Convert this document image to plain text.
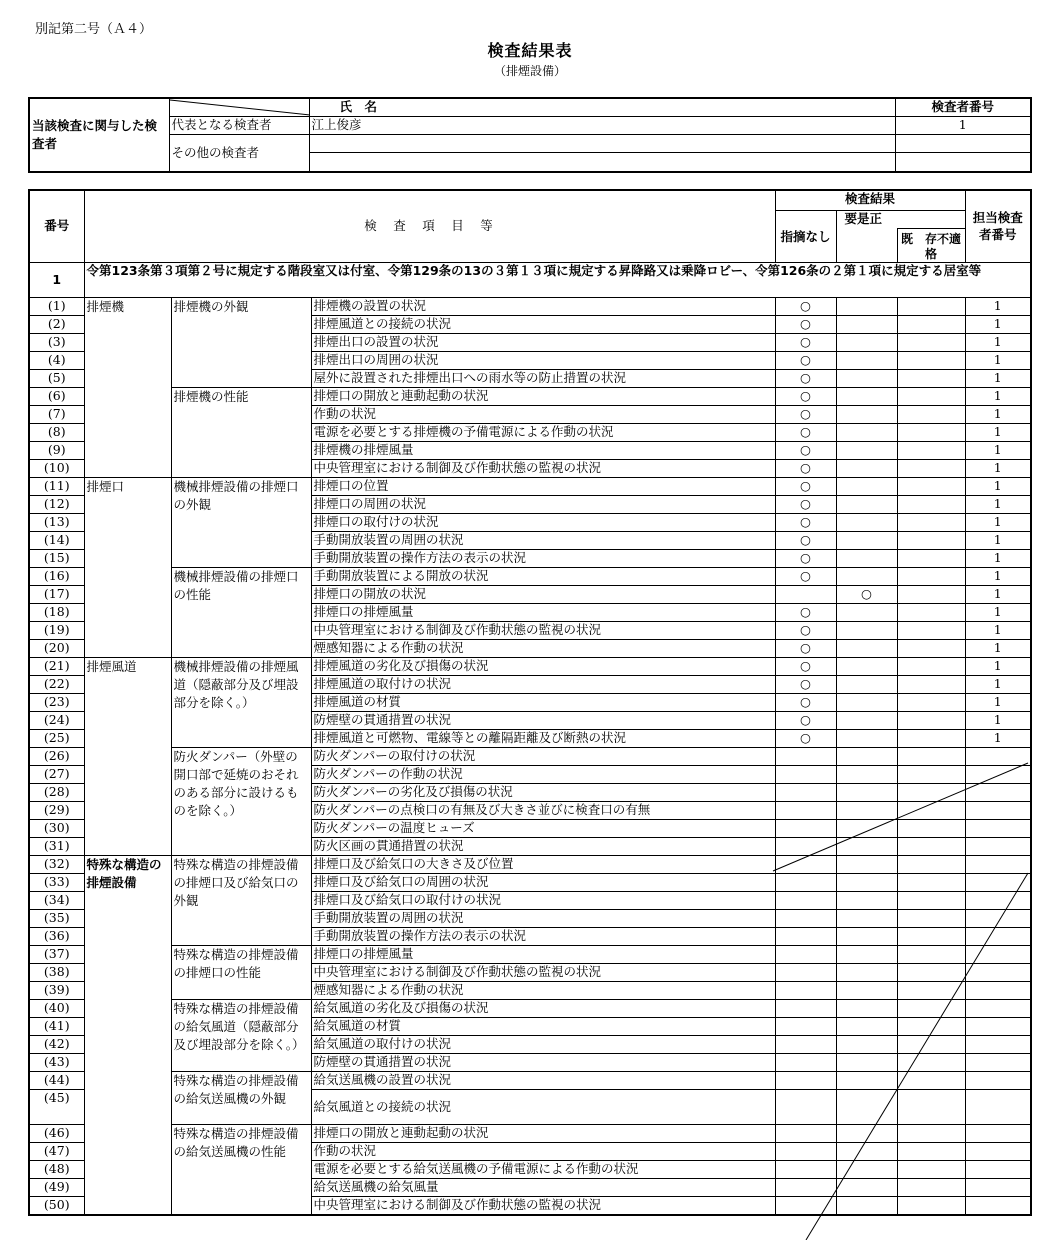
別記第二号（Ａ４）
検査結果表
（排煙設備）
当該検査に関与した検査者		氏　名	検査者番号
	代表となる検査者	江上俊彦	1
	その他の検査者	

番号	検　査　項　目　等			検査結果			担当検査者番号
				指摘なし	要是正		
						既　存不適格	
1	令第123条第３項第２号に規定する階段室又は付室、令第129条の13の３第１３項に規定する昇降路又は乗降ロビー、令第126条の２第１項に規定する居室等						
(1)	排煙機	排煙機の外観	排煙機の設置の状況	○			1
(2)			排煙風道との接続の状況	○			1
(3)			排煙出口の設置の状況	○			1
(4)			排煙出口の周囲の状況	○			1
(5)			屋外に設置された排煙出口への雨水等の防止措置の状況	○			1
(6)		排煙機の性能	排煙口の開放と連動起動の状況	○			1
(7)			作動の状況	○			1
(8)			電源を必要とする排煙機の予備電源による作動の状況	○			1
(9)			排煙機の排煙風量	○			1
(10)			中央管理室における制御及び作動状態の監視の状況	○			1
(11)	排煙口	機械排煙設備の排煙口の外観	排煙口の位置	○			1
(12)			排煙口の周囲の状況	○			1
(13)			排煙口の取付けの状況	○			1
(14)			手動開放装置の周囲の状況	○			1
(15)			手動開放装置の操作方法の表示の状況	○			1
(16)		機械排煙設備の排煙口の性能	手動開放装置による開放の状況	○			1
(17)			排煙口の開放の状況		○		1
(18)			排煙口の排煙風量	○			1
(19)			中央管理室における制御及び作動状態の監視の状況	○			1
(20)			煙感知器による作動の状況	○			1
(21)	排煙風道	機械排煙設備の排煙風道（隠蔽部分及び埋設部分を除く。）	排煙風道の劣化及び損傷の状況	○			1
(22)			排煙風道の取付けの状況	○			1
(23)			排煙風道の材質	○			1
(24)			防煙壁の貫通措置の状況	○			1
(25)			排煙風道と可燃物、電線等との離隔距離及び断熱の状況	○			1
(26)		防火ダンパー（外壁の開口部で延焼のおそれのある部分に設けるものを除く。）	防火ダンパーの取付けの状況				
(27)			防火ダンパーの作動の状況				
(28)			防火ダンパーの劣化及び損傷の状況				
(29)			防火ダンパーの点検口の有無及び大きさ並びに検査口の有無				
(30)			防火ダンパーの温度ヒューズ				
(31)			防火区画の貫通措置の状況				
(32)	特殊な構造の排煙設備	特殊な構造の排煙設備の排煙口及び給気口の外観	排煙口及び給気口の大きさ及び位置				
(33)			排煙口及び給気口の周囲の状況				
(34)			排煙口及び給気口の取付けの状況				
(35)			手動開放装置の周囲の状況				
(36)			手動開放装置の操作方法の表示の状況				
(37)		特殊な構造の排煙設備の排煙口の性能	排煙口の排煙風量				
(38)			中央管理室における制御及び作動状態の監視の状況				
(39)			煙感知器による作動の状況				
(40)		特殊な構造の排煙設備の給気風道（隠蔽部分及び埋設部分を除く。）	給気風道の劣化及び損傷の状況				
(41)			給気風道の材質				
(42)			給気風道の取付けの状況				
(43)			防煙壁の貫通措置の状況				
(44)		特殊な構造の排煙設備の給気送風機の外観	給気送風機の設置の状況				
(45)			給気風道との接続の状況				
(46)		特殊な構造の排煙設備の給気送風機の性能	排煙口の開放と連動起動の状況				
(47)			作動の状況				
(48)			電源を必要とする給気送風機の予備電源による作動の状況				
(49)			給気送風機の給気風量				
(50)			中央管理室における制御及び作動状態の監視の状況				
